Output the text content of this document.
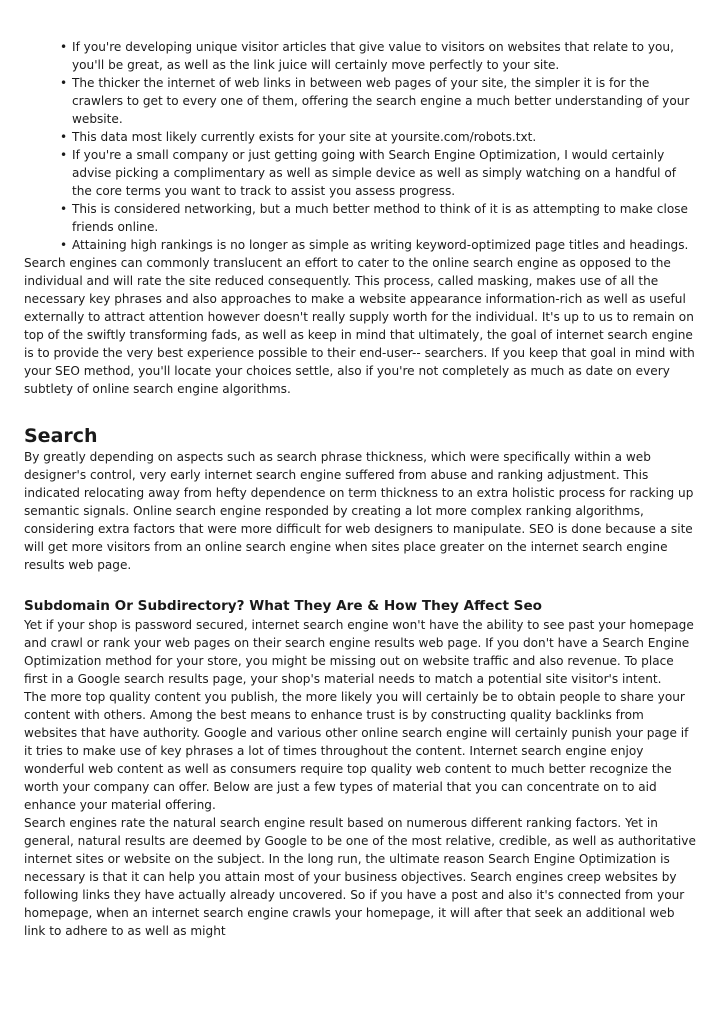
• If you're developing unique visitor articles that give value to visitors on websites that relate to you, you'll be great, as well as the link juice will certainly move perfectly to your site.
• The thicker the internet of web links in between web pages of your site, the simpler it is for the crawlers to get to every one of them, offering the search engine a much better understanding of your website.
• This data most likely currently exists for your site at yoursite.com/robots.txt.
• If you're a small company or just getting going with Search Engine Optimization, I would certainly advise picking a complimentary as well as simple device as well as simply watching on a handful of the core terms you want to track to assist you assess progress.
• This is considered networking, but a much better method to think of it is as attempting to make close friends online.
• Attaining high rankings is no longer as simple as writing keyword-optimized page titles and headings.

Search engines can commonly translucent an effort to cater to the online search engine as opposed to the individual and will rate the site reduced consequently. This process, called masking, makes use of all the necessary key phrases and also approaches to make a website appearance information-rich as well as useful externally to attract attention however doesn't really supply worth for the individual. It's up to us to remain on top of the swiftly transforming fads, as well as keep in mind that ultimately, the goal of internet search engine is to provide the very best experience possible to their end-user-- searchers. If you keep that goal in mind with your SEO method, you'll locate your choices settle, also if you're not completely as much as date on every subtlety of online search engine algorithms.

Search

By greatly depending on aspects such as search phrase thickness, which were specifically within a web designer's control, very early internet search engine suffered from abuse and ranking adjustment. This indicated relocating away from hefty dependence on term thickness to an extra holistic process for racking up semantic signals. Online search engine responded by creating a lot more complex ranking algorithms, considering extra factors that were more difficult for web designers to manipulate. SEO is done because a site will get more visitors from an online search engine when sites place greater on the internet search engine results web page.

Subdomain Or Subdirectory? What They Are & How They Affect Seo

Yet if your shop is password secured, internet search engine won't have the ability to see past your homepage and crawl or rank your web pages on their search engine results web page. If you don't have a Search Engine Optimization method for your store, you might be missing out on website traffic and also revenue. To place first in a Google search results page, your shop's material needs to match a potential site visitor's intent.

The more top quality content you publish, the more likely you will certainly be to obtain people to share your content with others. Among the best means to enhance trust is by constructing quality backlinks from websites that have authority. Google and various other online search engine will certainly punish your page if it tries to make use of key phrases a lot of times throughout the content. Internet search engine enjoy wonderful web content as well as consumers require top quality web content to much better recognize the worth your company can offer. Below are just a few types of material that you can concentrate on to aid enhance your material offering.

Search engines rate the natural search engine result based on numerous different ranking factors. Yet in general, natural results are deemed by Google to be one of the most relative, credible, as well as authoritative internet sites or website on the subject. In the long run, the ultimate reason Search Engine Optimization is necessary is that it can help you attain most of your business objectives. Search engines creep websites by following links they have actually already uncovered. So if you have a post and also it's connected from your homepage, when an internet search engine crawls your homepage, it will after that seek an additional web link to adhere to as well as might
